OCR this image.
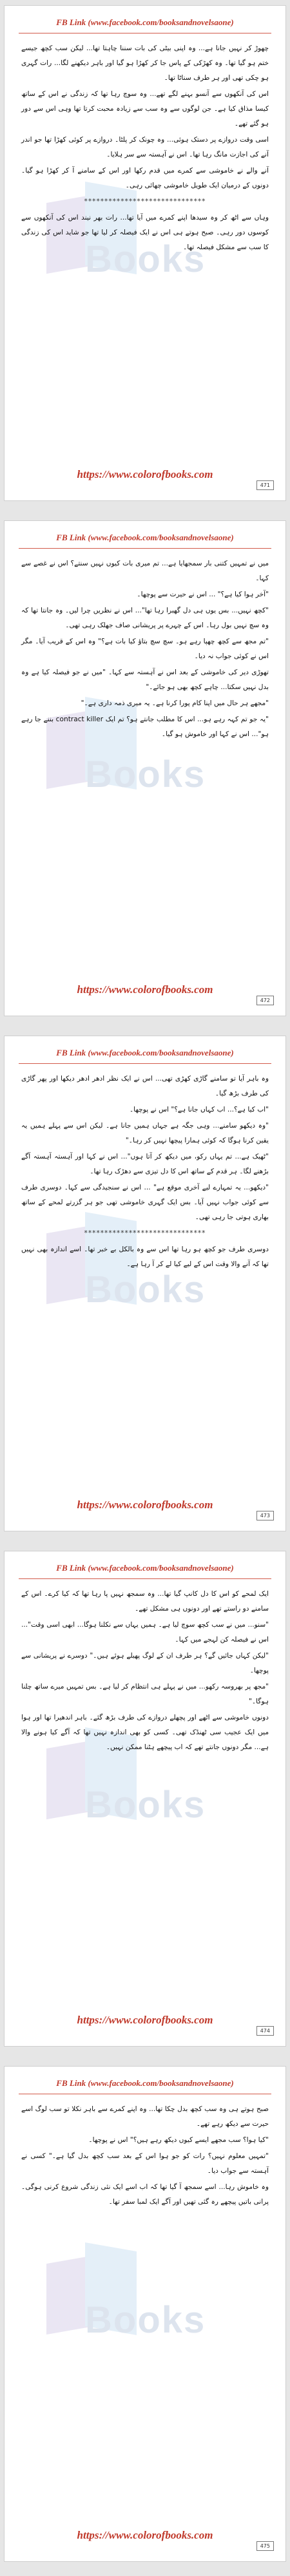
FB Link (www.facebook.com/booksandnovelsaone)
Books

چھوڑ کر نہیں جانا ہے... وہ اپنی بیٹی کی بات سننا چاہتا تھا... لیکن سب کچھ جیسے ختم ہو گیا تھا۔ وہ کھڑکی کے پاس جا کر کھڑا ہو گیا اور باہر دیکھنے لگا... رات گہری ہو چکی تھی اور ہر طرف سناٹا تھا۔

اس کی آنکھوں سے آنسو بہنے لگے تھے... وہ سوچ رہا تھا کہ زندگی نے اس کے ساتھ کیسا مذاق کیا ہے۔ جن لوگوں سے وہ سب سے زیادہ محبت کرتا تھا وہی اس سے دور ہو گئے تھے۔

اسی وقت دروازے پر دستک ہوئی... وہ چونک کر پلٹا۔ دروازے پر کوئی کھڑا تھا جو اندر آنے کی اجازت مانگ رہا تھا۔ اس نے آہستہ سے سر ہلایا۔

آنے والے نے خاموشی سے کمرے میں قدم رکھا اور اس کے سامنے آ کر کھڑا ہو گیا۔ دونوں کے درمیان ایک طویل خاموشی چھائی رہی۔

******************************

وہاں سے اٹھ کر وہ سیدھا اپنے کمرے میں آیا تھا... رات بھر نیند اس کی آنکھوں سے کوسوں دور رہی۔ صبح ہوتے ہی اس نے ایک فیصلہ کر لیا تھا جو شاید اس کی زندگی کا سب سے مشکل فیصلہ تھا۔

https://www.colorofbooks.com
471
FB Link (www.facebook.com/booksandnovelsaone)
Books

میں نے تمہیں کتنی بار سمجھایا ہے... تم میری بات کیوں نہیں سنتے؟ اس نے غصے سے کہا۔

"آخر ہوا کیا ہے؟" ... اس نے حیرت سے پوچھا۔

"کچھ نہیں... بس یوں ہی دل گھبرا رہا تھا"... اس نے نظریں چرا لیں۔ وہ جانتا تھا کہ وہ سچ نہیں بول رہا۔ اس کے چہرے پر پریشانی صاف جھلک رہی تھی۔

"تم مجھ سے کچھ چھپا رہے ہو۔ سچ سچ بتاؤ کیا بات ہے؟" وہ اس کے قریب آیا۔ مگر اس نے کوئی جواب نہ دیا۔

تھوڑی دیر کی خاموشی کے بعد اس نے آہستہ سے کہا۔ "میں نے جو فیصلہ کیا ہے وہ بدل نہیں سکتا... چاہے کچھ بھی ہو جائے۔"

"مجھے ہر حال میں اپنا کام پورا کرنا ہے۔ یہ میری ذمہ داری ہے۔"

"یہ جو تم کہہ رہے ہو... اس کا مطلب جانتے ہو؟ تم ایک contract killer بننے جا رہے ہو"... اس نے کہا اور خاموش ہو گیا۔

https://www.colorofbooks.com
472
FB Link (www.facebook.com/booksandnovelsaone)
Books

وہ باہر آیا تو سامنے گاڑی کھڑی تھی... اس نے ایک نظر ادھر ادھر دیکھا اور پھر گاڑی کی طرف بڑھ گیا۔

"اب کیا ہے؟... اب کہاں جانا ہے؟" اس نے پوچھا۔

"وہ دیکھو سامنے... وہی جگہ ہے جہاں ہمیں جانا ہے۔ لیکن اس سے پہلے ہمیں یہ یقین کرنا ہوگا کہ کوئی ہمارا پیچھا نہیں کر رہا۔"

"ٹھیک ہے... تم یہاں رکو، میں دیکھ کر آتا ہوں"... اس نے کہا اور آہستہ آہستہ آگے بڑھنے لگا۔ ہر قدم کے ساتھ اس کا دل تیزی سے دھڑک رہا تھا۔

"دیکھو... یہ تمہارے لیے آخری موقع ہے" ... اس نے سنجیدگی سے کہا۔ دوسری طرف سے کوئی جواب نہیں آیا۔ بس ایک گہری خاموشی تھی جو ہر گزرتے لمحے کے ساتھ بھاری ہوتی جا رہی تھی۔

******************************

دوسری طرف جو کچھ ہو رہا تھا اس سے وہ بالکل بے خبر تھا۔ اسے اندازہ بھی نہیں تھا کہ آنے والا وقت اس کے لیے کیا لے کر آ رہا ہے۔

https://www.colorofbooks.com
473
FB Link (www.facebook.com/booksandnovelsaone)
Books

ایک لمحے کو اس کا دل کانپ گیا تھا... وہ سمجھ نہیں پا رہا تھا کہ کیا کرے۔ اس کے سامنے دو راستے تھے اور دونوں ہی مشکل تھے۔

"سنو... میں نے سب کچھ سوچ لیا ہے۔ ہمیں یہاں سے نکلنا ہوگا... ابھی اسی وقت"... اس نے فیصلہ کن لہجے میں کہا۔

"لیکن کہاں جائیں گے؟ ہر طرف ان کے لوگ پھیلے ہوئے ہیں۔" دوسرے نے پریشانی سے پوچھا۔

"مجھ پر بھروسہ رکھو... میں نے پہلے ہی انتظام کر لیا ہے۔ بس تمہیں میرے ساتھ چلنا ہوگا۔"

دونوں خاموشی سے اٹھے اور پچھلے دروازے کی طرف بڑھ گئے۔ باہر اندھیرا تھا اور ہوا میں ایک عجیب سی ٹھنڈک تھی۔ کسی کو بھی اندازہ نہیں تھا کہ آگے کیا ہونے والا ہے... مگر دونوں جانتے تھے کہ اب پیچھے ہٹنا ممکن نہیں۔

https://www.colorofbooks.com
474
FB Link (www.facebook.com/booksandnovelsaone)
Books

صبح ہوتے ہی وہ سب کچھ بدل چکا تھا... وہ اپنے کمرے سے باہر نکلا تو سب لوگ اسے حیرت سے دیکھ رہے تھے۔

"کیا ہوا؟ سب مجھے ایسے کیوں دیکھ رہے ہیں؟" اس نے پوچھا۔

"تمہیں معلوم نہیں؟ رات کو جو ہوا اس کے بعد سب کچھ بدل گیا ہے۔" کسی نے آہستہ سے جواب دیا۔

وہ خاموش رہا... اسے سمجھ آ گیا تھا کہ اب اسے ایک نئی زندگی شروع کرنی ہوگی۔ پرانی باتیں پیچھے رہ گئی تھیں اور آگے ایک لمبا سفر تھا۔

https://www.colorofbooks.com
475
